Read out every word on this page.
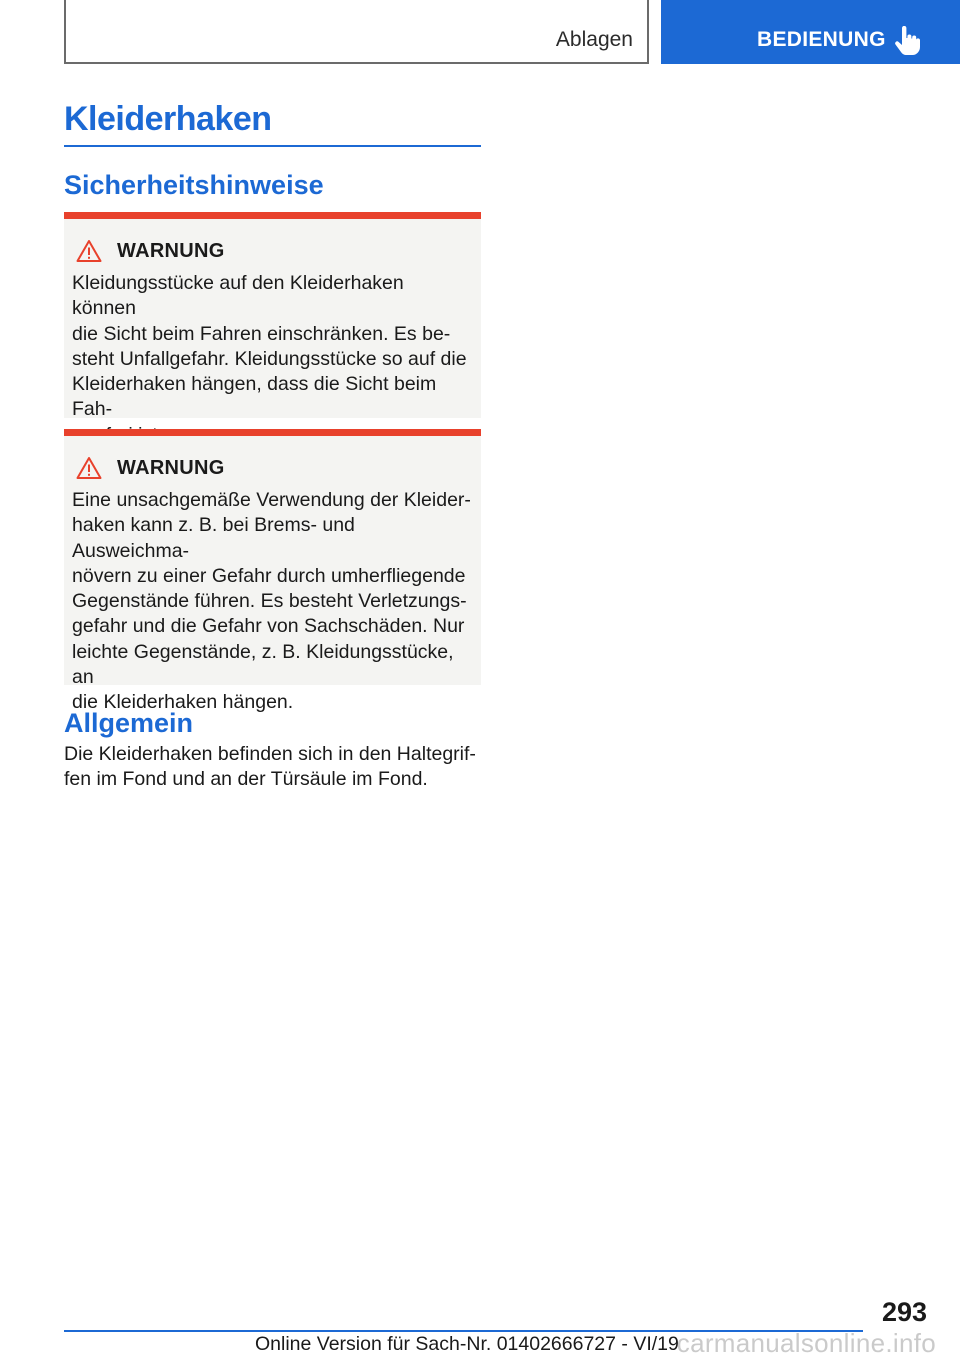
Ablagen	BEDIENUNG
Kleiderhaken
Sicherheitshinweise
WARNUNG
Kleidungsstücke auf den Kleiderhaken können
die Sicht beim Fahren einschränken. Es be-
steht Unfallgefahr. Kleidungsstücke so auf die
Kleiderhaken hängen, dass die Sicht beim Fah-

WARNUNG
Eine unsachgemäße Verwendung der Kleider-
haken kann z. B. bei Brems- und Ausweichma-
növern zu einer Gefahr durch umherfliegende
Gegenstände führen. Es besteht Verletzungs-
gefahr und die Gefahr von Sachschäden. Nur
leichte Gegenstände, z. B. Kleidungsstücke, an
die Kleiderhaken hängen.
Allgemein
Die Kleiderhaken befinden sich in den Haltegrif-
fen im Fond und an der Türsäule im Fond.
293
Online Version für Sach-Nr. 01402666727 - VI/19
carmanualsonline.info
